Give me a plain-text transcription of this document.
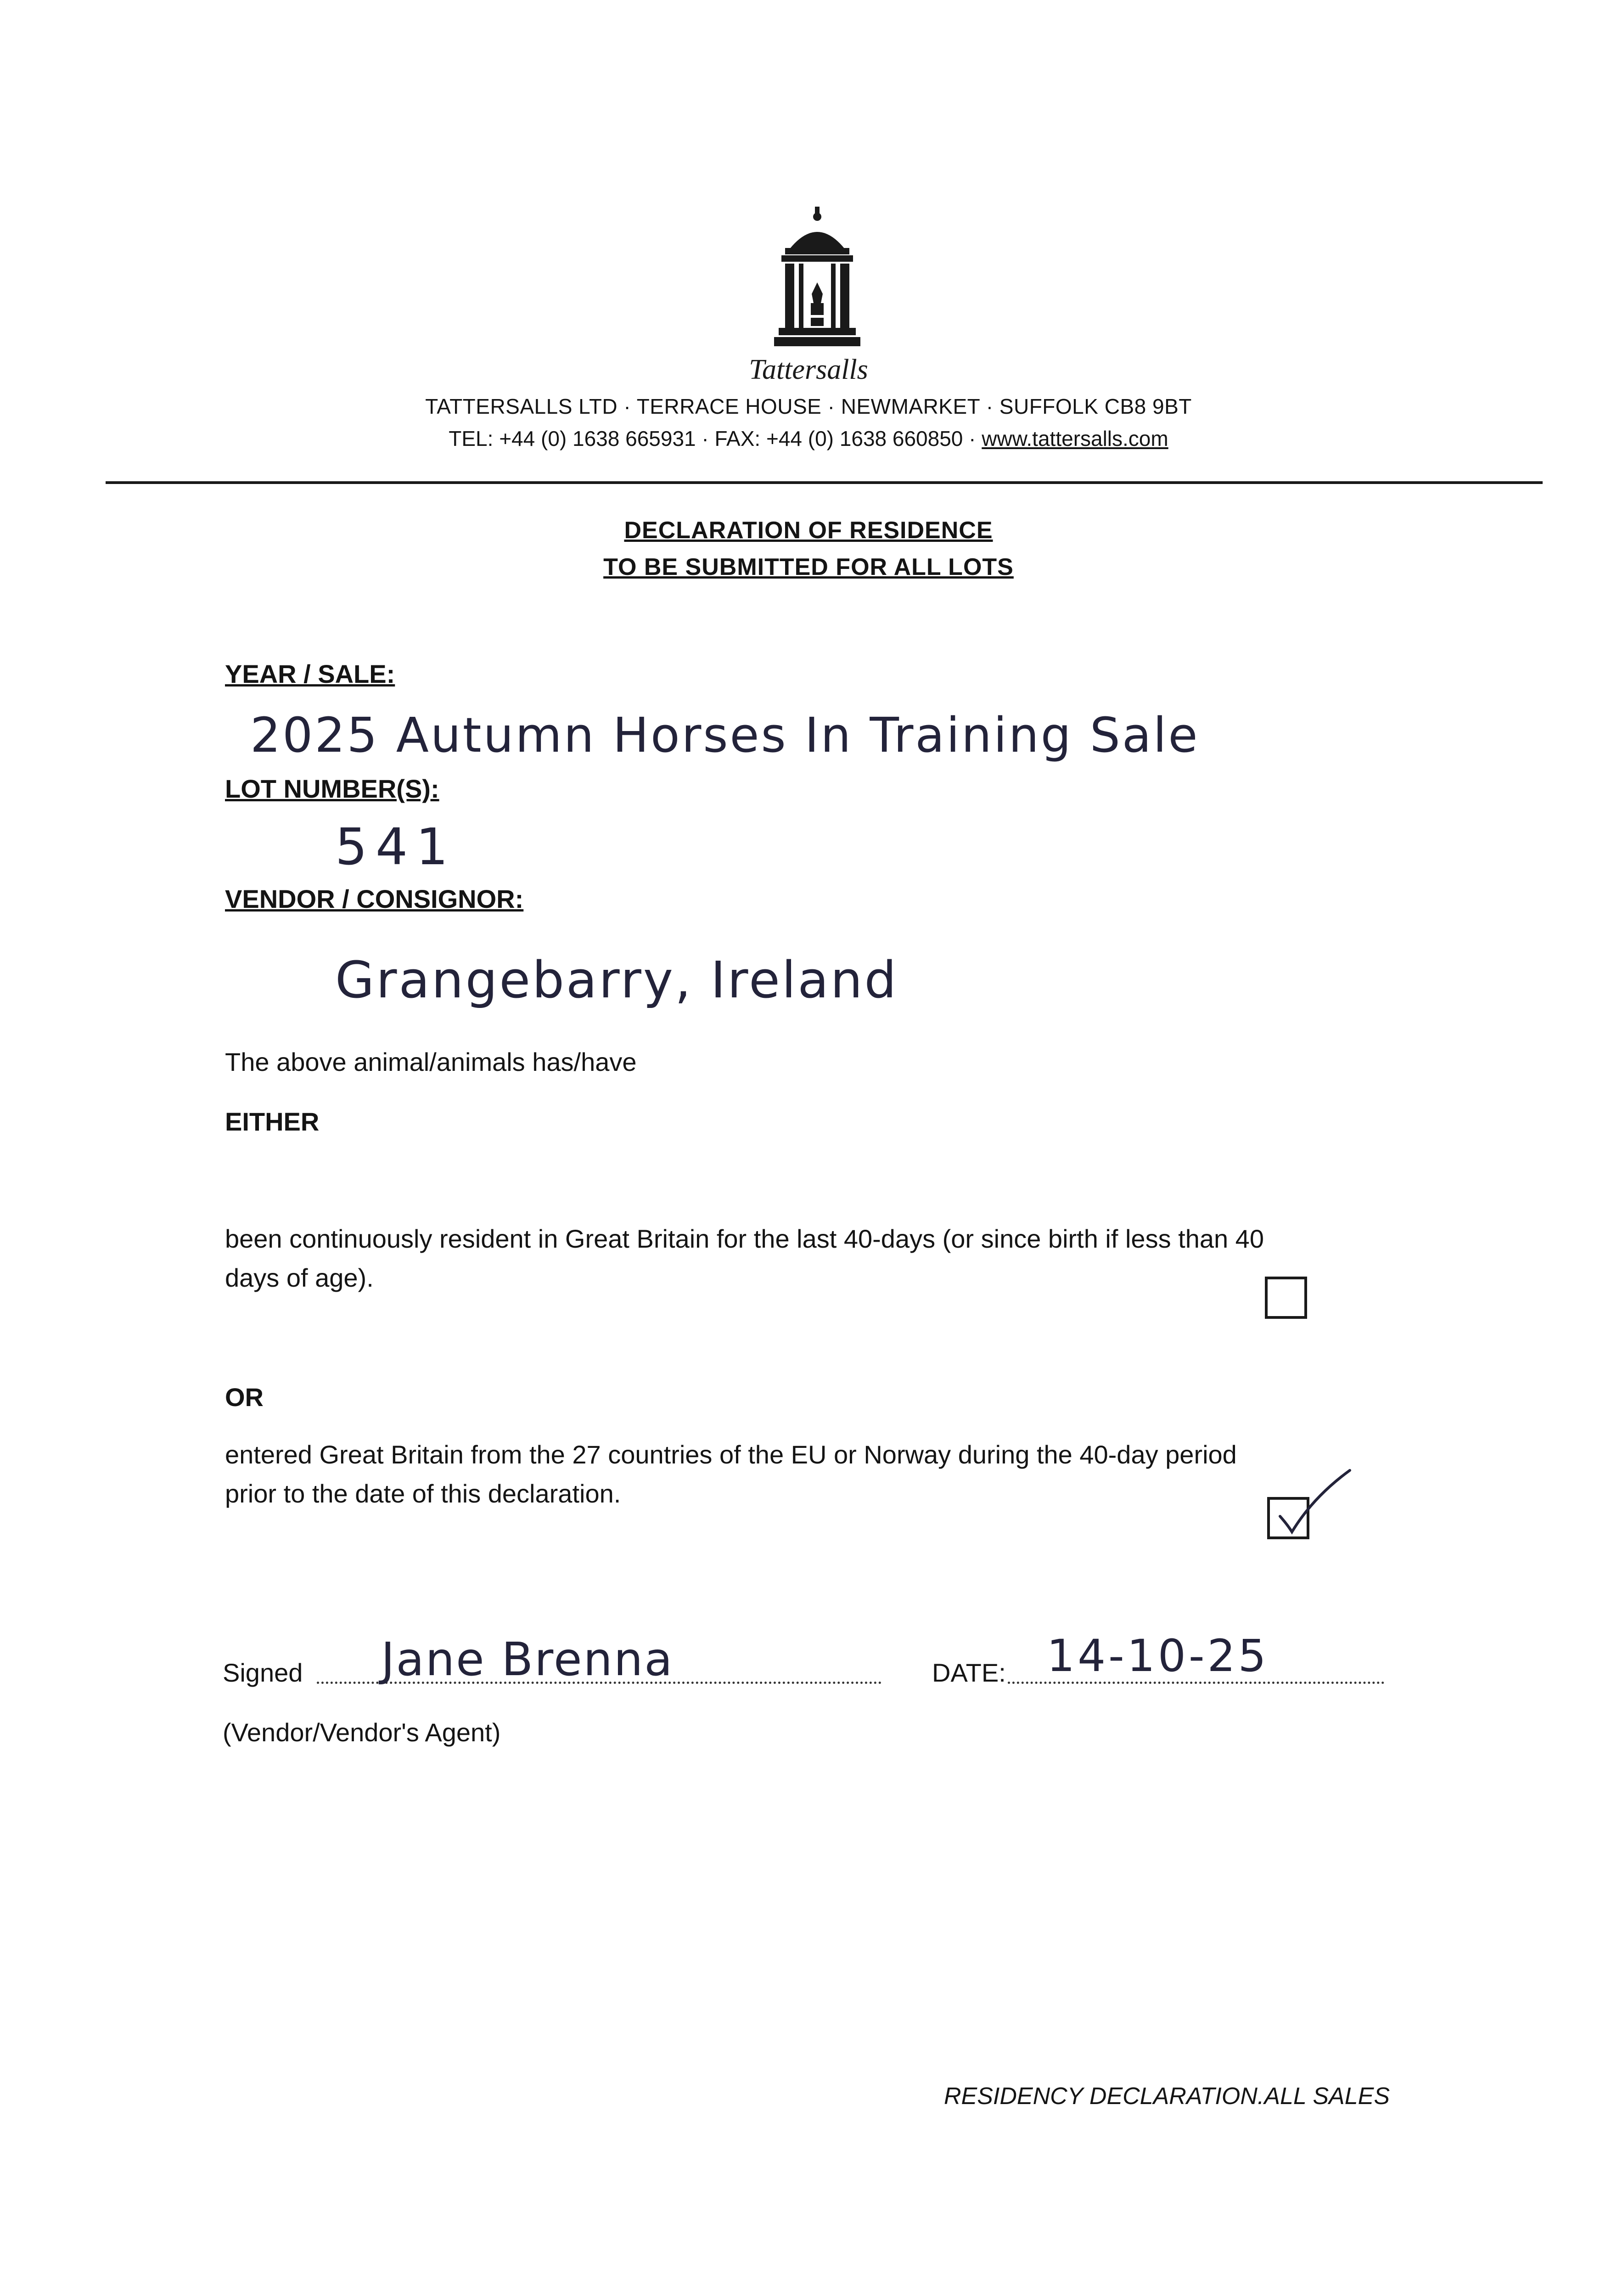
Tattersalls
TATTERSALLS LTD · TERRACE HOUSE · NEWMARKET · SUFFOLK CB8 9BT
TEL: +44 (0) 1638 665931 · FAX: +44 (0) 1638 660850 · www.tattersalls.com
DECLARATION OF RESIDENCE
TO BE SUBMITTED FOR ALL LOTS
YEAR / SALE:
2025 Autumn Horses In Training Sale
LOT NUMBER(S):
541
VENDOR / CONSIGNOR:
Grangebarry, Ireland
The above animal/animals has/have
EITHER
been continuously resident in Great Britain for the last 40-days (or since birth if less than 40
days of age).
OR
entered Great Britain from the 27 countries of the EU or Norway during the 40-day period
prior to the date of this declaration.
Signed Jane Brenna	DATE: 14-10-25
(Vendor/Vendor's Agent)
RESIDENCY DECLARATION.ALL SALES
